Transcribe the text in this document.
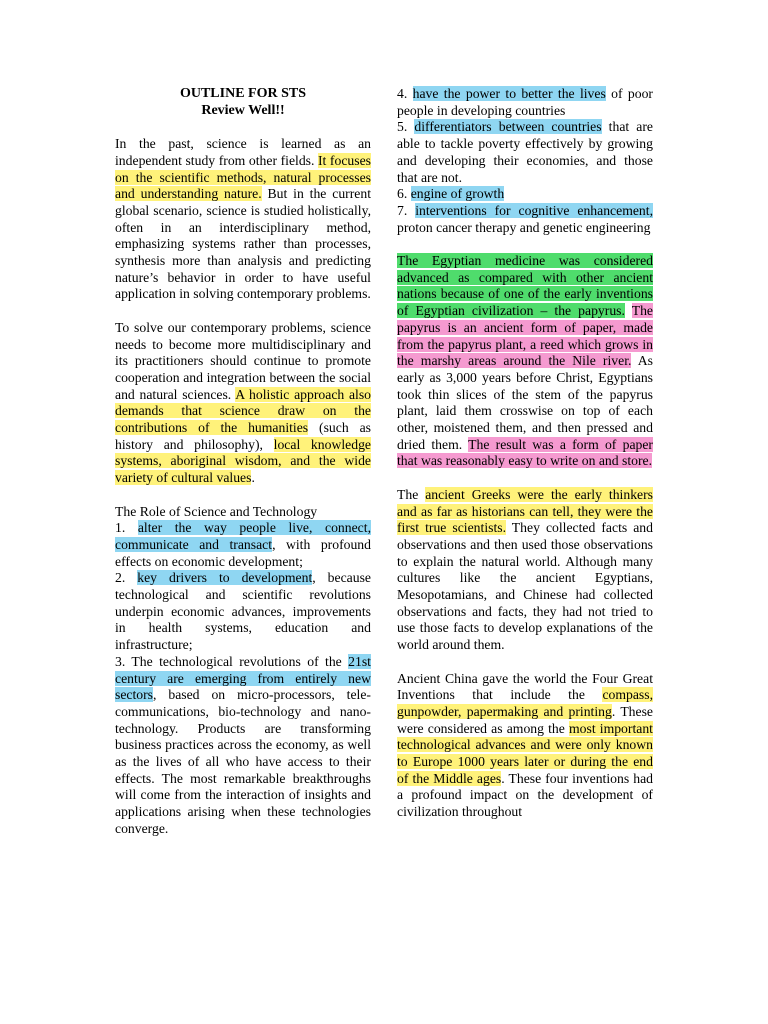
OUTLINE FOR STS
Review Well!!

In the past, science is learned as an independent study from other fields. It focuses on the scientific methods, natural processes and understanding nature. But in the current global scenario, science is studied holistically, often in an interdisciplinary method, emphasizing systems rather than processes, synthesis more than analysis and predicting nature’s behavior in order to have useful application in solving contemporary problems.

To solve our contemporary problems, science needs to become more multidisciplinary and its practitioners should continue to promote cooperation and integration between the social and natural sciences. A holistic approach also demands that science draw on the contributions of the humanities (such as history and philosophy), local knowledge systems, aboriginal wisdom, and the wide variety of cultural values.

The Role of Science and Technology

1. alter the way people live, connect, communicate and transact, with profound effects on economic development;

2. key drivers to development, because technological and scientific revolutions underpin economic advances, improvements in health systems, education and infrastructure;

3. The technological revolutions of the 21st century are emerging from entirely new sectors, based on micro-processors, tele-communications, bio-technology and nano-technology. Products are transforming business practices across the economy, as well as the lives of all who have access to their effects. The most remarkable breakthroughs will come from the interaction of insights and applications arising when these technologies converge.

4. have the power to better the lives of poor people in developing countries

5. differentiators between countries that are able to tackle poverty effectively by growing and developing their economies, and those that are not.

6. engine of growth

7. interventions for cognitive enhancement, proton cancer therapy and genetic engineering

The Egyptian medicine was considered advanced as compared with other ancient nations because of one of the early inventions of Egyptian civilization – the papyrus. The papyrus is an ancient form of paper, made from the papyrus plant, a reed which grows in the marshy areas around the Nile river. As early as 3,000 years before Christ, Egyptians took thin slices of the stem of the papyrus plant, laid them crosswise on top of each other, moistened them, and then pressed and dried them. The result was a form of paper that was reasonably easy to write on and store.

The ancient Greeks were the early thinkers and as far as historians can tell, they were the first true scientists. They collected facts and observations and then used those observations to explain the natural world. Although many cultures like the ancient Egyptians, Mesopotamians, and Chinese had collected observations and facts, they had not tried to use those facts to develop explanations of the world around them.

Ancient China gave the world the Four Great Inventions that include the compass, gunpowder, papermaking and printing. These were considered as among the most important technological advances and were only known to Europe 1000 years later or during the end of the Middle ages. These four inventions had a profound impact on the development of civilization throughout
